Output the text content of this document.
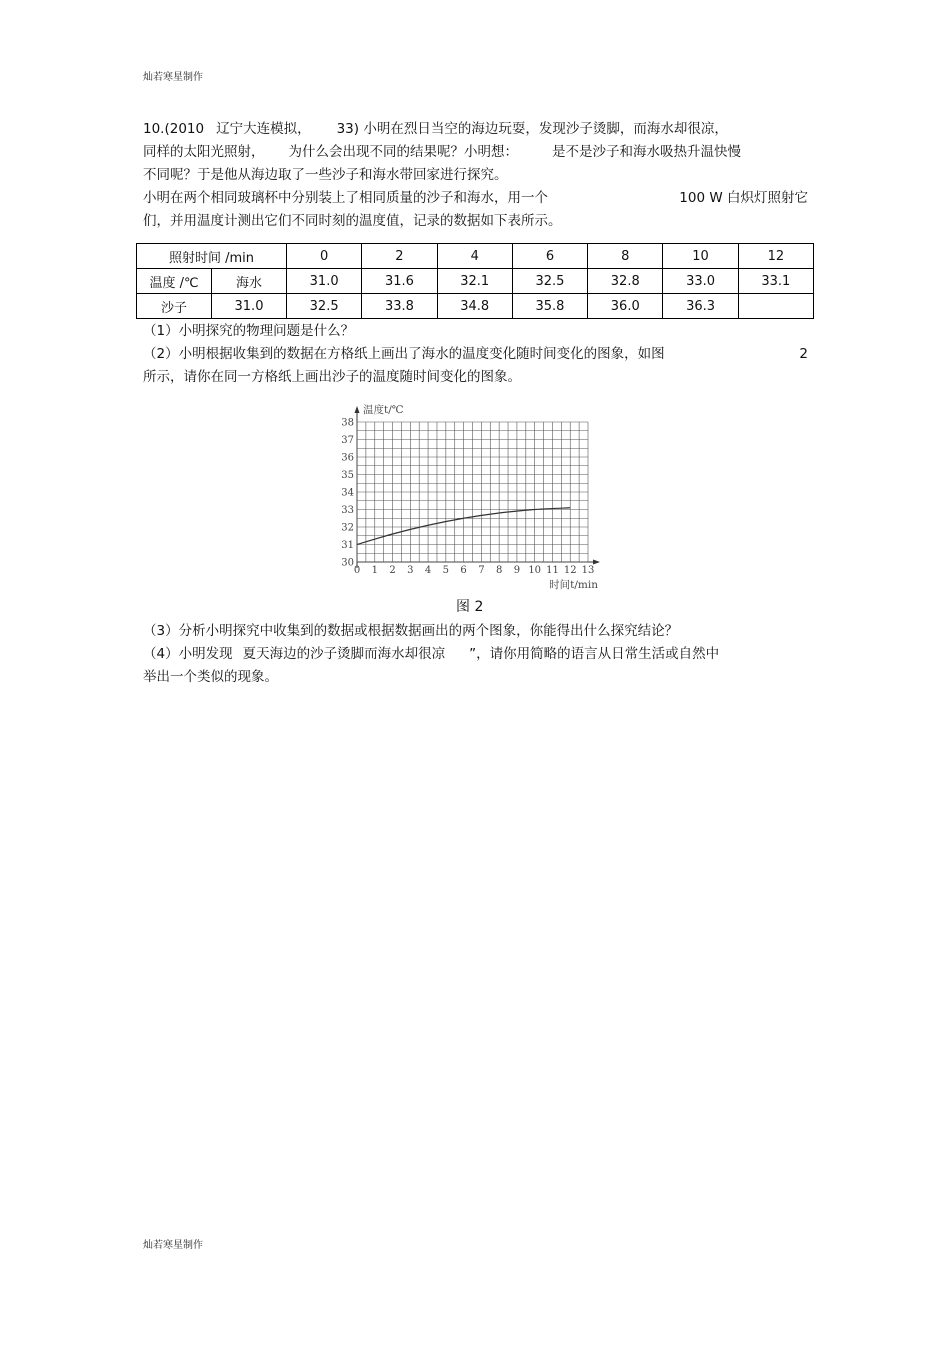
灿若寒星制作
10.(2010 辽宁大连模拟， 33) 小明在烈日当空的海边玩耍，发现沙子烫脚，而海水却很凉，
同样的太阳光照射， 为什么会出现不同的结果呢？小明想：	是不是沙子和海水吸热升温快慢
不同呢？于是他从海边取了一些沙子和海水带回家进行探究。
小明在两个相同玻璃杯中分别装上了相同质量的沙子和海水，用一个	100 W 白炽灯照射它
们，并用温度计测出它们不同时刻的温度值，记录的数据如下表所示。
照射时间 /min		0	2	4	6	8	10	12
温度 /℃	海水	31.0	31.6	32.1	32.5	32.8	33.0	33.1
沙子	31.0	32.5	33.8	34.8	35.8	36.0	36.3	
（1）小明探究的物理问题是什么？
（2）小明根据收集到的数据在方格纸上画出了海水的温度变化随时间变化的图象，如图	2
所示，请你在同一方格纸上画出沙子的温度随时间变化的图象。
0 1 2 3 4 5 6 7 8 9 10 11 12 13
30
31
32
33
34
35
36
37
38
温度t/℃
时间t/min
图 2
（3）分析小明探究中收集到的数据或根据数据画出的两个图象，你能得出什么探究结论？
（4）小明发现 夏天海边的沙子烫脚而海水却很凉 ”，请你用简略的语言从日常生活或自然中
举出一个类似的现象。
灿若寒星制作
